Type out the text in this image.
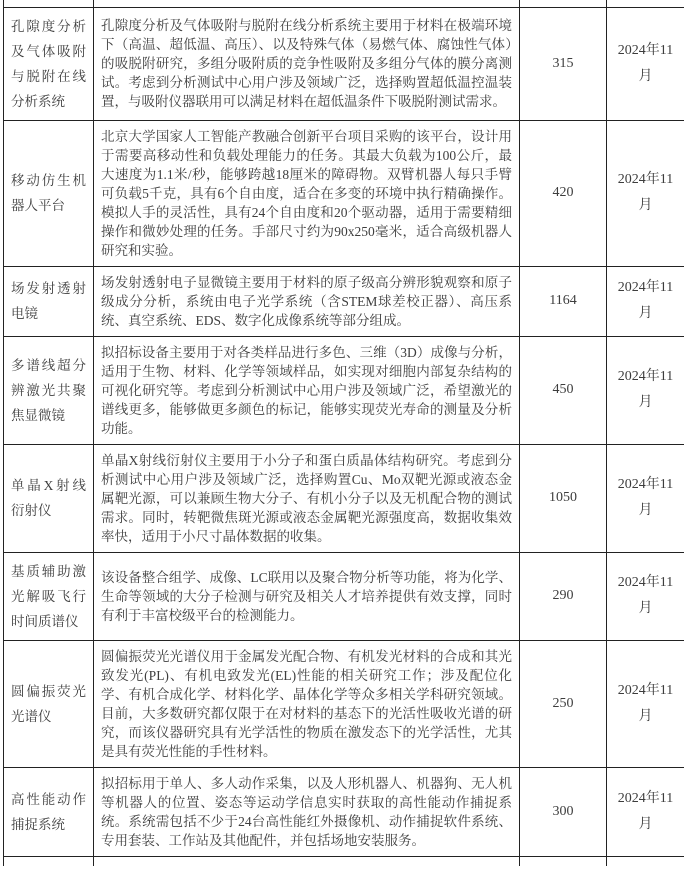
孔隙度分析及气体吸附与脱附在线分析系统	孔隙度分析及气体吸附与脱附在线分析系统主要用于材料在极端环境下（高温、超低温、高压）、以及特殊气体（易燃气体、腐蚀性气体）的吸脱附研究，多组分吸附质的竞争性吸附及多组分气体的膜分离测试。考虑到分析测试中心用户涉及领域广泛，选择购置超低温控温装置，与吸附仪器联用可以满足材料在超低温条件下吸脱附测试需求。	315	2024年11月
移动仿生机器人平台	北京大学国家人工智能产教融合创新平台项目采购的该平台，设计用于需要高移动性和负载处理能力的任务。其最大负载为100公斤，最大速度为1.1米/秒，能够跨越18厘米的障碍物。双臂机器人每只手臂可负载5千克，具有6个自由度，适合在多变的环境中执行精确操作。模拟人手的灵活性，具有24个自由度和20个驱动器，适用于需要精细操作和微妙处理的任务。手部尺寸约为90x250毫米，适合高级机器人研究和实验。	420	2024年11月
场发射透射电镜	场发射透射电子显微镜主要用于材料的原子级高分辨形貌观察和原子级成分分析，系统由电子光学系统（含STEM球差校正器）、高压系统、真空系统、EDS、数字化成像系统等部分组成。	1164	2024年11月
多谱线超分辨激光共聚焦显微镜	拟招标设备主要用于对各类样品进行多色、三维（3D）成像与分析，适用于生物、材料、化学等领域样品，如实现对细胞内部复杂结构的可视化研究等。考虑到分析测试中心用户涉及领域广泛，希望激光的谱线更多，能够做更多颜色的标记，能够实现荧光寿命的测量及分析功能。	450	2024年11月
单晶X射线衍射仪	单晶X射线衍射仪主要用于小分子和蛋白质晶体结构研究。考虑到分析测试中心用户涉及领域广泛，选择购置Cu、Mo双靶光源或液态金属靶光源，可以兼顾生物大分子、有机小分子以及无机配合物的测试需求。同时，转靶微焦斑光源或液态金属靶光源强度高，数据收集效率快，适用于小尺寸晶体数据的收集。	1050	2024年11月
基质辅助激光解吸飞行时间质谱仪	该设备整合组学、成像、LC联用以及聚合物分析等功能，将为化学、生命等领域的大分子检测与研究及相关人才培养提供有效支撑，同时有利于丰富校级平台的检测能力。	290	2024年11月
圆偏振荧光光谱仪	圆偏振荧光光谱仪用于金属发光配合物、有机发光材料的合成和其光致发光(PL)、有机电致发光(EL)性能的相关研究工作；涉及配位化学、有机合成化学、材料化学、晶体化学等众多相关学科研究领域。目前，大多数研究都仅限于在对材料的基态下的光活性吸收光谱的研究，而该仪器研究具有光学活性的物质在激发态下的光学活性，尤其是具有荧光性能的手性材料。	250	2024年11月
高性能动作捕捉系统	拟招标用于单人、多人动作采集，以及人形机器人、机器狗、无人机等机器人的位置、姿态等运动学信息实时获取的高性能动作捕捉系统。系统需包括不少于24台高性能红外摄像机、动作捕捉软件系统、专用套装、工作站及其他配件，并包括场地安装服务。	300	2024年11月
